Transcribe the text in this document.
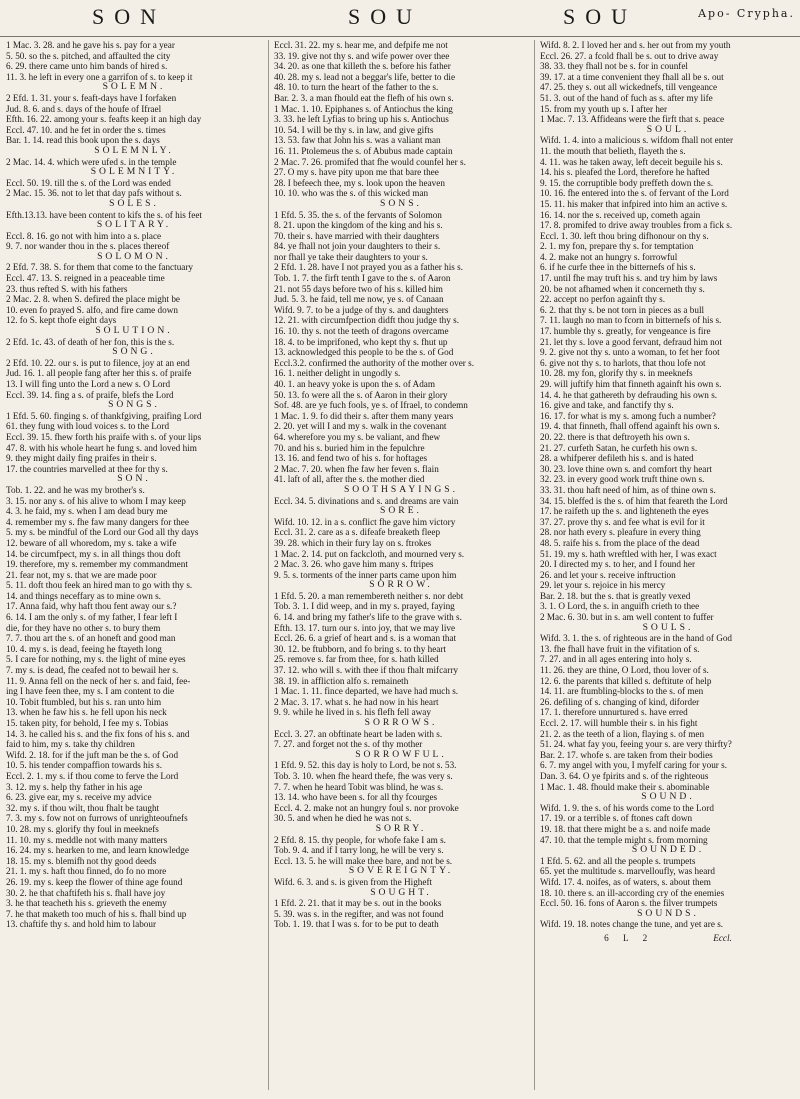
SON	SOU	SOU	Apo- Crypha.

1 Mac. 3. 28. and he gave his s. pay for a year

5. 50. so the s. pitched, and affaulted the city

6. 29. there came unto him bands of hired s.

11. 3. he left in every one a garrifon of s. to keep it

SOLEMN.

2 Efd. 1. 31. your s. feaft-days have I forfaken

Jud. 8. 6. and s. days of the houfe of Ifrael

Efth. 16. 22. among your s. feafts keep it an high day

Eccl. 47. 10. and he fet in order the s. times

Bar. 1. 14. read this book upon the s. days

SOLEMNLY.

2 Mac. 14. 4. which were ufed s. in the temple

SOLEMNITY.

Eccl. 50. 19. till the s. of the Lord was ended

2 Mac. 15. 36. not to let that day pafs without s.

SOLES.

Efth.13.13. have been content to kifs the s. of his feet

SOLITARY.

Eccl. 8. 16. go not with him into a s. place

9. 7. nor wander thou in the s. places thereof

SOLOMON.

2 Efd. 7. 38. S. for them that come to the fanctuary

Eccl. 47. 13. S. reigned in a peaceable time

23. thus refted S. with his fathers

2 Mac. 2. 8. when S. defired the place might be

10. even fo prayed S. alfo, and fire came down

12. fo S. kept thofe eight days

SOLUTION.

2 Efd. 1c. 43. of death of her fon, this is the s.

SONG.

2 Efd. 10. 22. our s. is put to filence, joy at an end

Jud. 16. 1. all people fang after her this s. of praife

13. I will fing unto the Lord a new s. O Lord

Eccl. 39. 14. fing a s. of praife, blefs the Lord

SONGS.

1 Efd. 5. 60. finging s. of thankfgiving, praifing Lord

61. they fung with loud voices s. to the Lord

Eccl. 39. 15. fhew forth his praife with s. of your lips

47. 8. with his whole heart he fung s. and loved him

9. they might daily fing praifes in their s.

17. the countries marvelled at thee for thy s.

SON.

Tob. 1. 22. and he was my brother's s.

3. 15. nor any s. of his alive to whom I may keep

4. 3. he faid, my s. when I am dead bury me

4. remember my s. fhe faw many dangers for thee

5. my s. be mindful of the Lord our God all thy days

12. beware of all whoredom, my s. take a wife

14. be circumfpect, my s. in all things thou doft

19. therefore, my s. remember my commandment

21. fear not, my s. that we are made poor

5. 11. doft thou feek an hired man to go with thy s.

14. and things neceffary as to mine own s.

17. Anna faid, why haft thou fent away our s.?

6. 14. I am the only s. of my father, I fear left I

die, for they have no other s. to bury them

7. 7. thou art the s. of an honeft and good man

10. 4. my s. is dead, feeing he ftayeth long

5. I care for nothing, my s. the light of mine eyes

7. my s. is dead, fhe ceafed not to bewail her s.

11. 9. Anna fell on the neck of her s. and faid, fee-

ing I have feen thee, my s. I am content to die

10. Tobit ftumbled, but his s. ran unto him

13. when he faw his s. he fell upon his neck

15. taken pity, for behold, I fee my s. Tobias

14. 3. he called his s. and the fix fons of his s. and

faid to him, my s. take thy children

Wifd. 2. 18. for if the juft man be the s. of God

10. 5. his tender compaffion towards his s.

Eccl. 2. 1. my s. if thou come to ferve the Lord

3. 12. my s. help thy father in his age

6. 23. give ear, my s. receive my advice

32. my s. if thou wilt, thou fhalt be taught

7. 3. my s. fow not on furrows of unrighteoufnefs

10. 28. my s. glorify thy foul in meeknefs

11. 10. my s. meddle not with many matters

16. 24. my s. hearken to me, and learn knowledge

18. 15. my s. blemifh not thy good deeds

21. 1. my s. haft thou finned, do fo no more

26. 19. my s. keep the flower of thine age found

30. 2. he that chaftifeth his s. fhall have joy

3. he that teacheth his s. grieveth the enemy

7. he that maketh too much of his s. fhall bind up

13. chaftife thy s. and hold him to labour

Eccl. 31. 22. my s. hear me, and defpife me not

33. 19. give not thy s. and wife power over thee

34. 20. as one that killeth the s. before his father

40. 28. my s. lead not a beggar's life, better to die

48. 10. to turn the heart of the father to the s.

Bar. 2. 3. a man fhould eat the flefh of his own s.

1 Mac. 1. 10. Epiphanes s. of Antiochus the king

3. 33. he left Lyfias to bring up his s. Antiochus

10. 54. I will be thy s. in law, and give gifts

13. 53. faw that John his s. was a valiant man

16. 11. Ptolemeus the s. of Abubus made captain

2 Mac. 7. 26. promifed that fhe would counfel her s.

27. O my s. have pity upon me that bare thee

28. I befeech thee, my s. look upon the heaven

10. 10. who was the s. of this wicked man

SONS.

1 Efd. 5. 35. the s. of the fervants of Solomon

8. 21. upon the kingdom of the king and his s.

70. their s. have married with their daughters

84. ye fhall not join your daughters to their s.

nor fhall ye take their daughters to your s.

2 Efd. 1. 28. have I not prayed you as a father his s.

Tob. 1. 7. the firft tenth I gave to the s. of Aaron

21. not 55 days before two of his s. killed him

Jud. 5. 3. he faid, tell me now, ye s. of Canaan

Wifd. 9. 7. to be a judge of thy s. and daughters

12. 21. with circumfpection didft thou judge thy s.

16. 10. thy s. not the teeth of dragons overcame

18. 4. to be imprifoned, who kept thy s. fhut up

13. acknowledged this people to be the s. of God

Eccl.3.2. confirmed the authority of the mother over s.

16. 1. neither delight in ungodly s.

40. 1. an heavy yoke is upon the s. of Adam

50. 13. fo were all the s. of Aaron in their glory

Sof. 48. are ye fuch fools, ye s. of Ifrael, to condemn

1 Mac. 1. 9. fo did their s. after them many years

2. 20. yet will I and my s. walk in the covenant

64. wherefore you my s. be valiant, and fhew

70. and his s. buried him in the fepulchre

13. 16. and fend two of his s. for hoftages

2 Mac. 7. 20. when fhe faw her feven s. flain

41. laft of all, after the s. the mother died

SOOTHSAYINGS.

Eccl. 34. 5. divinations and s. and dreams are vain

SORE.

Wifd. 10. 12. in a s. conflict fhe gave him victory

Eccl. 31. 2. care as a s. difeafe breaketh fleep

39. 28. which in their fury lay on s. ftrokes

1 Mac. 2. 14. put on fackcloth, and mourned very s.

2 Mac. 3. 26. who gave him many s. ftripes

9. 5. s. torments of the inner parts came upon him

SORROW.

1 Efd. 5. 20. a man remembereth neither s. nor debt

Tob. 3. 1. I did weep, and in my s. prayed, faying

6. 14. and bring my father's life to the grave with s.

Efth. 13. 17. turn our s. into joy, that we may live

Eccl. 26. 6. a grief of heart and s. is a woman that

30. 12. be ftubborn, and fo bring s. to thy heart

25. remove s. far from thee, for s. hath killed

37. 12. who will s. with thee if thou fhalt mifcarry

38. 19. in affliction alfo s. remaineth

1 Mac. 1. 11. fince departed, we have had much s.

2 Mac. 3. 17. what s. he had now in his heart

9. 9. while he lived in s. his flefh fell away

SORROWS.

Eccl. 3. 27. an obftinate heart be laden with s.

7. 27. and forget not the s. of thy mother

SORROWFUL.

1 Efd. 9. 52. this day is holy to Lord, be not s. 53.

Tob. 3. 10. when fhe heard thefe, fhe was very s.

7. 7. when he heard Tobit was blind, he was s.

13. 14. who have been s. for all thy fcourges

Eccl. 4. 2. make not an hungry foul s. nor provoke

30. 5. and when he died he was not s.

SORRY.

2 Efd. 8. 15. thy people, for whofe fake I am s.

Tob. 9. 4. and if I tarry long, he will be very s.

Eccl. 13. 5. he will make thee bare, and not be s.

SOVEREIGNTY.

Wifd. 6. 3. and s. is given from the Higheft

SOUGHT.

1 Efd. 2. 21. that it may be s. out in the books

5. 39. was s. in the regifter, and was not found

Tob. 1. 19. that I was s. for to be put to death

Wifd. 8. 2. I loved her and s. her out from my youth

Eccl. 26. 27. a fcold fhall be s. out to drive away

38. 33. they fhall not be s. for in counfel

39. 17. at a time convenient they fhall all be s. out

47. 25. they s. out all wickednefs, till vengeance

51. 3. out of the hand of fuch as s. after my life

15. from my youth up s. I after her

1 Mac. 7. 13. Affideans were the firft that s. peace

SOUL.

Wifd. 1. 4. into a malicious s. wifdom fhall not enter

11. the mouth that belieth, flayeth the s.

4. 11. was he taken away, left deceit beguile his s.

14. his s. pleafed the Lord, therefore he hafted

9. 15. the corruptible body preffeth down the s.

10. 16. fhe entered into the s. of fervant of the Lord

15. 11. his maker that infpired into him an active s.

16. 14. nor the s. received up, cometh again

17. 8. promifed to drive away troubles from a fick s.

Eccl. 1. 30. left thou bring difhonour on thy s.

2. 1. my fon, prepare thy s. for temptation

4. 2. make not an hungry s. forrowful

6. if he curfe thee in the bitternefs of his s.

17. until fhe may truft his s. and try him by laws

20. be not afhamed when it concerneth thy s.

22. accept no perfon againft thy s.

6. 2. that thy s. be not torn in pieces as a bull

7. 11. laugh no man to fcorn in bitternefs of his s.

17. humble thy s. greatly, for vengeance is fire

21. let thy s. love a good fervant, defraud him not

9. 2. give not thy s. unto a woman, to fet her foot

6. give not thy s. to harlots, that thou lofe not

10. 28. my fon, glorify thy s. in meeknefs

29. will juftify him that finneth againft his own s.

14. 4. he that gathereth by defrauding his own s.

16. give and take, and fanctify thy s.

16. 17. for what is my s. among fuch a number?

19. 4. that finneth, fhall offend againft his own s.

20. 22. there is that deftroyeth his own s.

21. 27. curfeth Satan, he curfeth his own s.

28. a whifperer defileth his s. and is hated

30. 23. love thine own s. and comfort thy heart

32. 23. in every good work truft thine own s.

33. 31. thou haft need of him, as of thine own s.

34. 15. bleffed is the s. of him that feareth the Lord

17. he raifeth up the s. and lighteneth the eyes

37. 27. prove thy s. and fee what is evil for it

28. nor hath every s. pleafure in every thing

48. 5. raife his s. from the place of the dead

51. 19. my s. hath wreftled with her, I was exact

20. I directed my s. to her, and I found her

26. and let your s. receive inftruction

29. let your s. rejoice in his mercy

Bar. 2. 18. but the s. that is greatly vexed

3. 1. O Lord, the s. in anguifh crieth to thee

2 Mac. 6. 30. but in s. am well content to fuffer

SOULS.

Wifd. 3. 1. the s. of righteous are in the hand of God

13. fhe fhall have fruit in the vifitation of s.

7. 27. and in all ages entering into holy s.

11. 26. they are thine, O Lord, thou lover of s.

12. 6. the parents that killed s. deftitute of help

14. 11. are ftumbling-blocks to the s. of men

26. defiling of s. changing of kind, diforder

17. 1. therefore unnurtured s. have erred

Eccl. 2. 17. will humble their s. in his fight

21. 2. as the teeth of a lion, flaying s. of men

51. 24. what fay you, feeing your s. are very thirfty?

Bar. 2. 17. whofe s. are taken from their bodies

6. 7. my angel with you, I myfelf caring for your s.

Dan. 3. 64. O ye fpirits and s. of the righteous

1 Mac. 1. 48. fhould make their s. abominable

SOUND.

Wifd. 1. 9. the s. of his words come to the Lord

17. 19. or a terrible s. of ftones caft down

19. 18. that there might be a s. and noife made

47. 10. that the temple might s. from morning

SOUNDED.

1 Efd. 5. 62. and all the people s. trumpets

65. yet the multitude s. marvelloufly, was heard

Wifd. 17. 4. noifes, as of waters, s. about them

18. 10. there s. an ill-according cry of the enemies

Eccl. 50. 16. fons of Aaron s. the filver trumpets

SOUNDS.

Wifd. 19. 18. notes change the tune, and yet are s.

6 L 2	Eccl.
